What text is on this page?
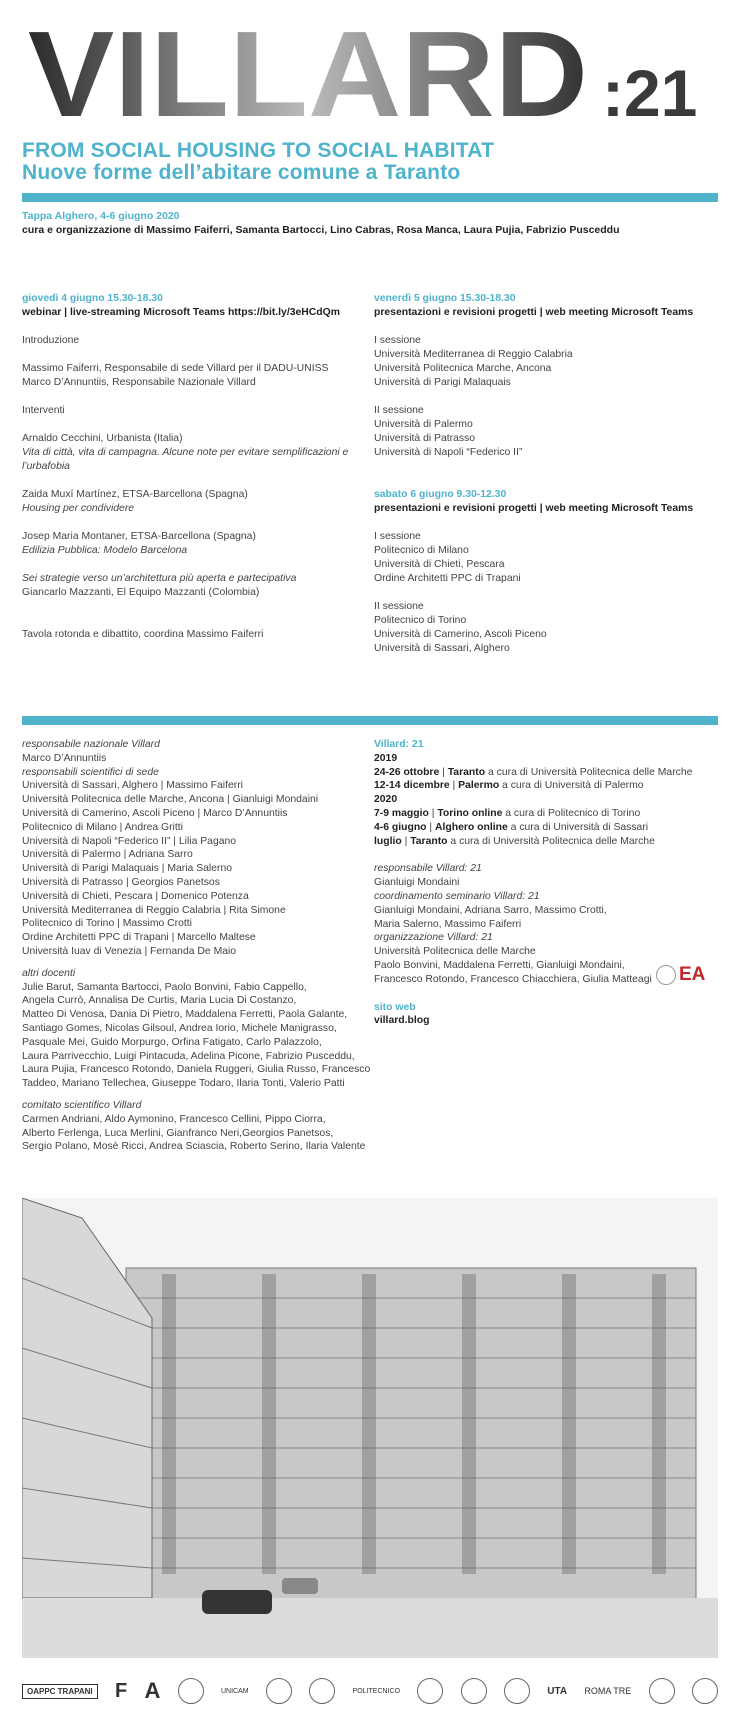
VILLARD :21
FROM SOCIAL HOUSING TO SOCIAL HABITAT
Nuove forme dell’abitare comune a Taranto
Tappa Alghero, 4-6 giugno 2020
cura e organizzazione di Massimo Faiferri, Samanta Bartocci, Lino Cabras, Rosa Manca, Laura Pujia, Fabrizio Pusceddu
giovedì 4 giugno 15.30-18.30
webinar | live-streaming Microsoft Teams https://bit.ly/3eHCdQm
Introduzione
Massimo Faiferri, Responsabile di sede Villard per il DADU-UNISS
Marco D’Annuntiis, Responsabile Nazionale Villard
Interventi
Arnaldo Cecchini, Urbanista (Italia)
Vita di città, vita di campagna. Alcune note per evitare semplificazioni e
l’urbafobia
Zaida Muxí Martínez, ETSA-Barcellona (Spagna)
Housing per condividere
Josep Maria Montaner, ETSA-Barcellona (Spagna)
Edilizia Pubblica: Modelo Barcelona
Sei strategie verso un’architettura più aperta e partecipativa
Giancarlo Mazzanti, El Equipo Mazzanti (Colombia)
Tavola rotonda e dibattito, coordina Massimo Faiferri
venerdì 5 giugno 15.30-18.30
presentazioni e revisioni progetti | web meeting Microsoft Teams
I sessione
Università Mediterranea di Reggio Calabria
Università Politecnica Marche, Ancona
Università di Parigi Malaquais
II sessione
Università di Palermo
Università di Patrasso
Università di Napoli “Federico II”
sabato 6 giugno 9.30-12.30
presentazioni e revisioni progetti | web meeting Microsoft Teams
I sessione
Politecnico di Milano
Università di Chieti, Pescara
Ordine Architetti PPC di Trapani
II sessione
Politecnico di Torino
Università di Camerino, Ascoli Piceno
Università di Sassari, Alghero
responsabile nazionale Villard
Marco D’Annuntiis
responsabili scientifici di sede
Università di Sassari, Alghero | Massimo Faiferri
Università Politecnica delle Marche, Ancona | Gianluigi Mondaini
Università di Camerino, Ascoli Piceno | Marco D’Annuntiis
Politecnico di Milano | Andrea Gritti
Università di Napoli “Federico II” | Lilia Pagano
Università di Palermo | Adriana Sarro
Università di Parigi Malaquais | Maria Salerno
Università di Patrasso | Georgios Panetsos
Università di Chieti, Pescara | Domenico Potenza
Università Mediterranea di Reggio Calabria | Rita Simone
Politecnico di Torino | Massimo Crotti
Ordine Architetti PPC di Trapani | Marcello Maltese
Università Iuav di Venezia | Fernanda De Maio
altri docenti
Julie Barut, Samanta Bartocci, Paolo Bonvini, Fabio Cappello,
Angela Currò, Annalisa De Curtis, Maria Lucia Di Costanzo,
Matteo Di Venosa, Dania Di Pietro, Maddalena Ferretti, Paola Galante,
Santiago Gomes, Nicolas Gilsoul, Andrea Iorio, Michele Manigrasso,
Pasquale Mei, Guido Morpurgo, Orfina Fatigato, Carlo Palazzolo,
Laura Parrivecchio, Luigi Pintacuda, Adelina Picone, Fabrizio Pusceddu,
Laura Pujia, Francesco Rotondo, Daniela Ruggeri, Giulia Russo, Francesco
Taddeo, Mariano Tellechea, Giuseppe Todaro, Ilaria Tonti, Valerio Patti
comitato scientifico Villard
Carmen Andriani, Aldo Aymonino, Francesco Cellini, Pippo Ciorra,
Alberto Ferlenga, Luca Merlini, Gianfranco Neri,Georgios Panetsos,
Sergio Polano, Mosè Ricci, Andrea Sciascia, Roberto Serino, Ilaria Valente
Villard: 21
2019
24-26 ottobre | Taranto a cura di Università Politecnica delle Marche
12-14 dicembre | Palermo a cura di Università di Palermo
2020
7-9 maggio | Torino online a cura di Politecnico di Torino
4-6 giugno | Alghero online a cura di Università di Sassari
luglio | Taranto a cura di Università Politecnica delle Marche
responsabile Villard: 21
Gianluigi Mondaini
coordinamento seminario Villard: 21
Gianluigi Mondaini, Adriana Sarro, Massimo Crotti,
Maria Salerno, Massimo Faiferri
organizzazione Villard: 21
Università Politecnica delle Marche
Paolo Bonvini, Maddalena Ferretti, Gianluigi Mondaini,
Francesco Rotondo, Francesco Chiacchiera, Giulia Matteagi
sito web
villard.blog
EA
OAPPC TRAPANI F A	UNICAM	POLITECNICO	UTA ROMA TRE
